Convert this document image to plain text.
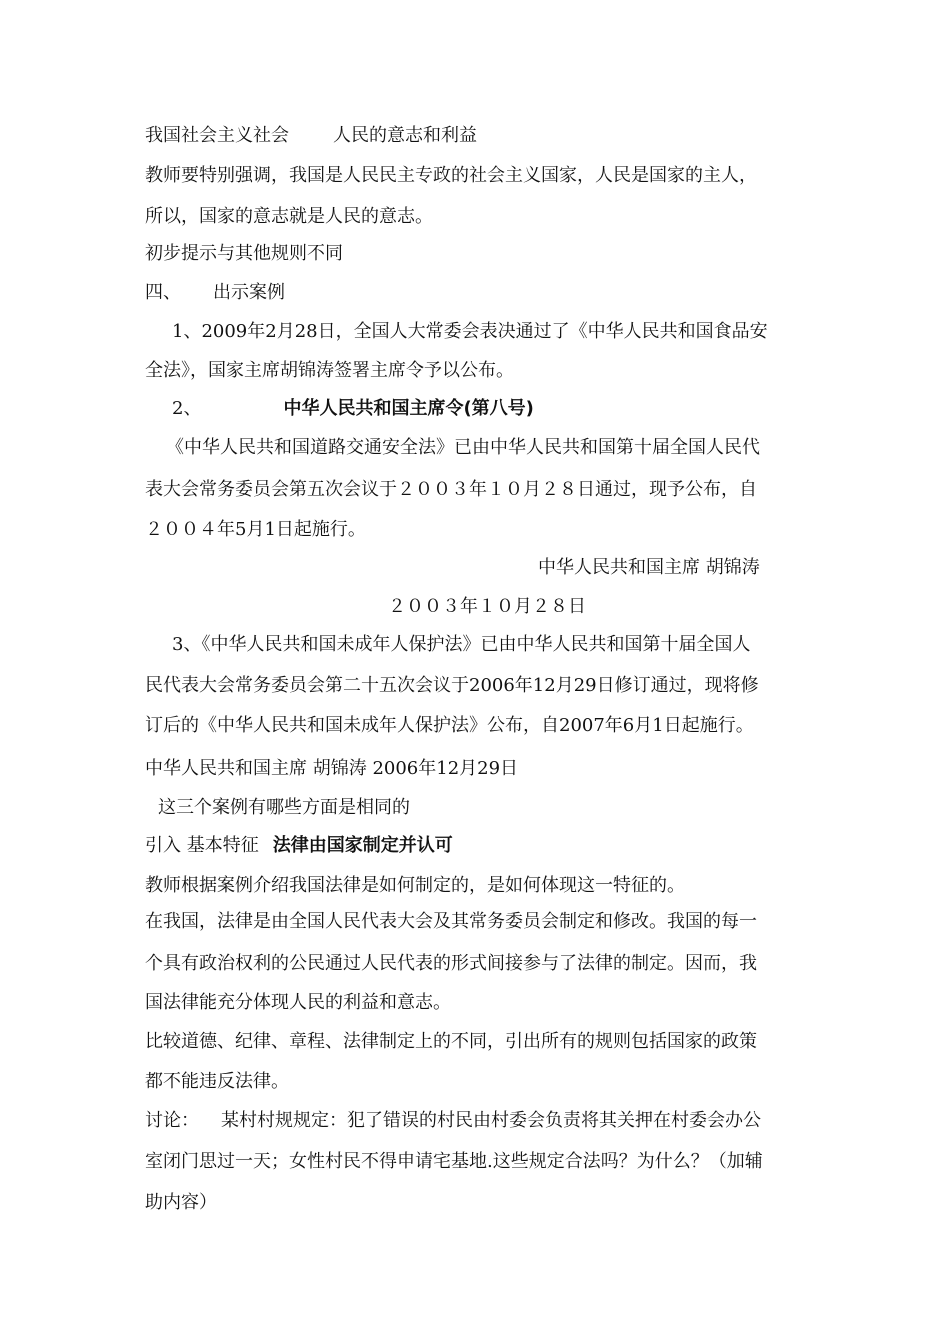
我国社会主义社会 人民的意志和利益
教师要特别强调，我国是人民民主专政的社会主义国家，人民是国家的主人，
所以，国家的意志就是人民的意志。
初步提示与其他规则不同
四、 出示案例
1、2009年2月28日，全国人大常委会表决通过了《中华人民共和国食品安
全法》，国家主席胡锦涛签署主席令予以公布。
2、	中华人民共和国主席令(第八号)
《中华人民共和国道路交通安全法》已由中华人民共和国第十届全国人民代
表大会常务委员会第五次会议于２００３年１０月２８日通过，现予公布，自
２００４年5月1日起施行。
中华人民共和国主席 胡锦涛
２００３年１０月２８日
3、《中华人民共和国未成年人保护法》已由中华人民共和国第十届全国人
民代表大会常务委员会第二十五次会议于2006年12月29日修订通过，现将修
订后的《中华人民共和国未成年人保护法》公布，自2007年6月1日起施行。
中华人民共和国主席 胡锦涛 2006年12月29日
这三个案例有哪些方面是相同的
引入 基本特征 法律由国家制定并认可
教师根据案例介绍我国法律是如何制定的，是如何体现这一特征的。
在我国，法律是由全国人民代表大会及其常务委员会制定和修改。我国的每一
个具有政治权利的公民通过人民代表的形式间接参与了法律的制定。因而，我
国法律能充分体现人民的利益和意志。
比较道德、纪律、章程、法律制定上的不同，引出所有的规则包括国家的政策
都不能违反法律。
讨论： 某村村规规定：犯了错误的村民由村委会负责将其关押在村委会办公
室闭门思过一天；女性村民不得申请宅基地.这些规定合法吗？为什么？（加辅
助内容）
